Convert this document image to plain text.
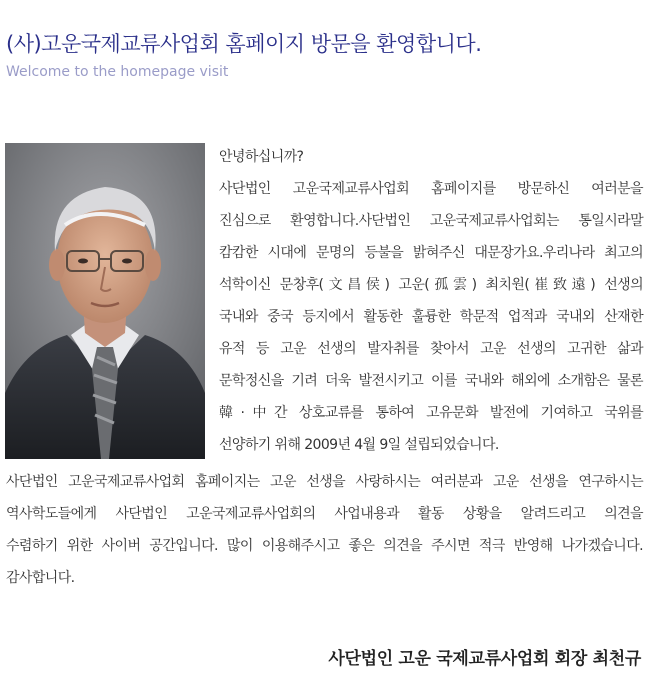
(사)고운국제교류사업회 홈페이지 방문을 환영합니다.
Welcome to the homepage visit
안녕하십니까?
사단법인 고운국제교류사업회 홈페이지를 방문하신 여러분을
진심으로 환영합니다.사단법인 고운국제교류사업회는 통일시라말
캄캄한 시대에 문명의 등불을 밝혀주신 대문장가요.우리나라 최고의
석학이신 문창후(文昌侯) 고운(孤雲) 최치원(崔致遠) 선생의
국내와 중국 등지에서 활동한 훌륭한 학문적 업적과 국내외 산재한
유적 등 고운 선생의 발자취를 찾아서 고운 선생의 고귀한 삶과
문학정신을 기려 더욱 발전시키고 이를 국내와 해외에 소개함은 물론
韓·中간 상호교류를 통하여 고유문화 발전에 기여하고 국위를
선양하기 위해 2009년 4월 9일 설립되었습니다.
사단법인 고운국제교류사업회 홈페이지는 고운 선생을 사랑하시는 여러분과 고운 선생을 연구하시는
역사학도들에게 사단법인 고운국제교류사업회의 사업내용과 활동 상황을 알려드리고 의견을
수렴하기 위한 사이버 공간입니다. 많이 이용해주시고 좋은 의견을 주시면 적극 반영해 나가겠습니다.
감사합니다.
사단법인 고운 국제교류사업회 회장 최천규
